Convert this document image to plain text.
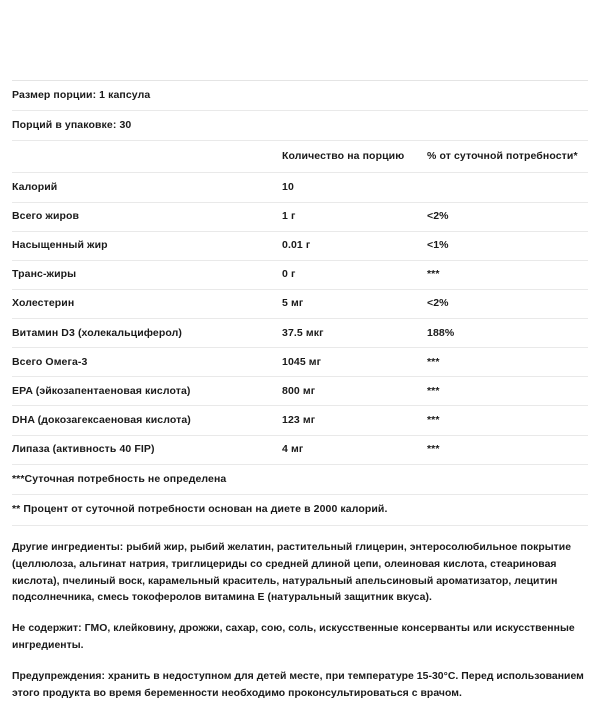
Размер порции: 1 капсула		
Порций в упаковке: 30		
	Количество на порцию	% от суточной потребности*
Калорий	10	
Всего жиров	1 г	<2%
Насыщенный жир	0.01 г	<1%
Транс-жиры	0 г	***
Холестерин	5 мг	<2%
Витамин D3 (холекальциферол)	37.5 мкг	188%
Всего Омега-3	1045 мг	***
EPA (эйкозапентаеновая кислота)	800 мг	***
DHA (докозагексаеновая кислота)	123 мг	***
Липаза (активность 40 FIP)	4 мг	***
***Суточная потребность не определена		
** Процент от суточной потребности основан на диете в 2000 калорий.		

Другие ингредиенты: рыбий жир, рыбий желатин, растительный глицерин, энтеросолюбильное покрытие (целлюлоза, альгинат натрия, триглицериды со средней длиной цепи, олеиновая кислота, стеариновая кислота), пчелиный воск, карамельный краситель, натуральный апельсиновый ароматизатор, лецитин подсолнечника, смесь токоферолов витамина Е (натуральный защитник вкуса).

Не содержит: ГМО, клейковину, дрожжи, сахар, сою, соль, искусственные консерванты или искусственные ингредиенты.

Предупреждения: хранить в недоступном для детей месте, при температуре 15-30°С. Перед использованием этого продукта во время беременности необходимо проконсультироваться с врачом.
